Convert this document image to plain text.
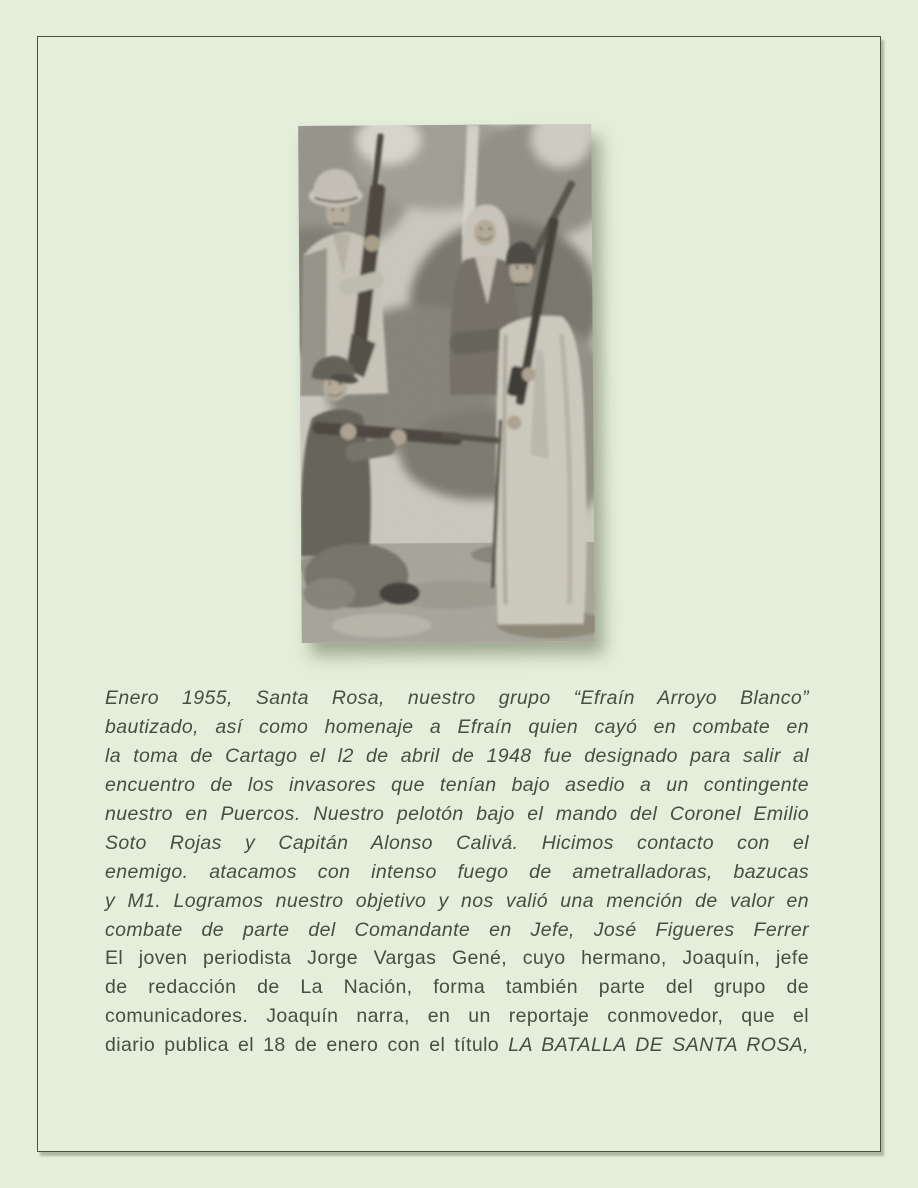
Enero 1955, Santa Rosa, nuestro grupo “Efraín Arroyo Blanco”
bautizado, así como homenaje a Efraín quien cayó en combate en
la toma de Cartago el l2 de abril de 1948 fue designado para salir al
encuentro de los invasores que tenían bajo asedio a un contingente
nuestro en Puercos. Nuestro pelotón bajo el mando del Coronel Emilio
Soto Rojas y Capitán Alonso Calivá. Hicimos contacto con el
enemigo. atacamos con intenso fuego de ametralladoras, bazucas
y M1. Logramos nuestro objetivo y nos valió una mención de valor en
combate de parte del Comandante en Jefe, José Figueres Ferrer
El joven periodista Jorge Vargas Gené, cuyo hermano, Joaquín, jefe
de redacción de La Nación, forma también parte del grupo de
comunicadores. Joaquín narra, en un reportaje conmovedor, que el
diario publica el 18 de enero con el título LA BATALLA DE SANTA ROSA,
